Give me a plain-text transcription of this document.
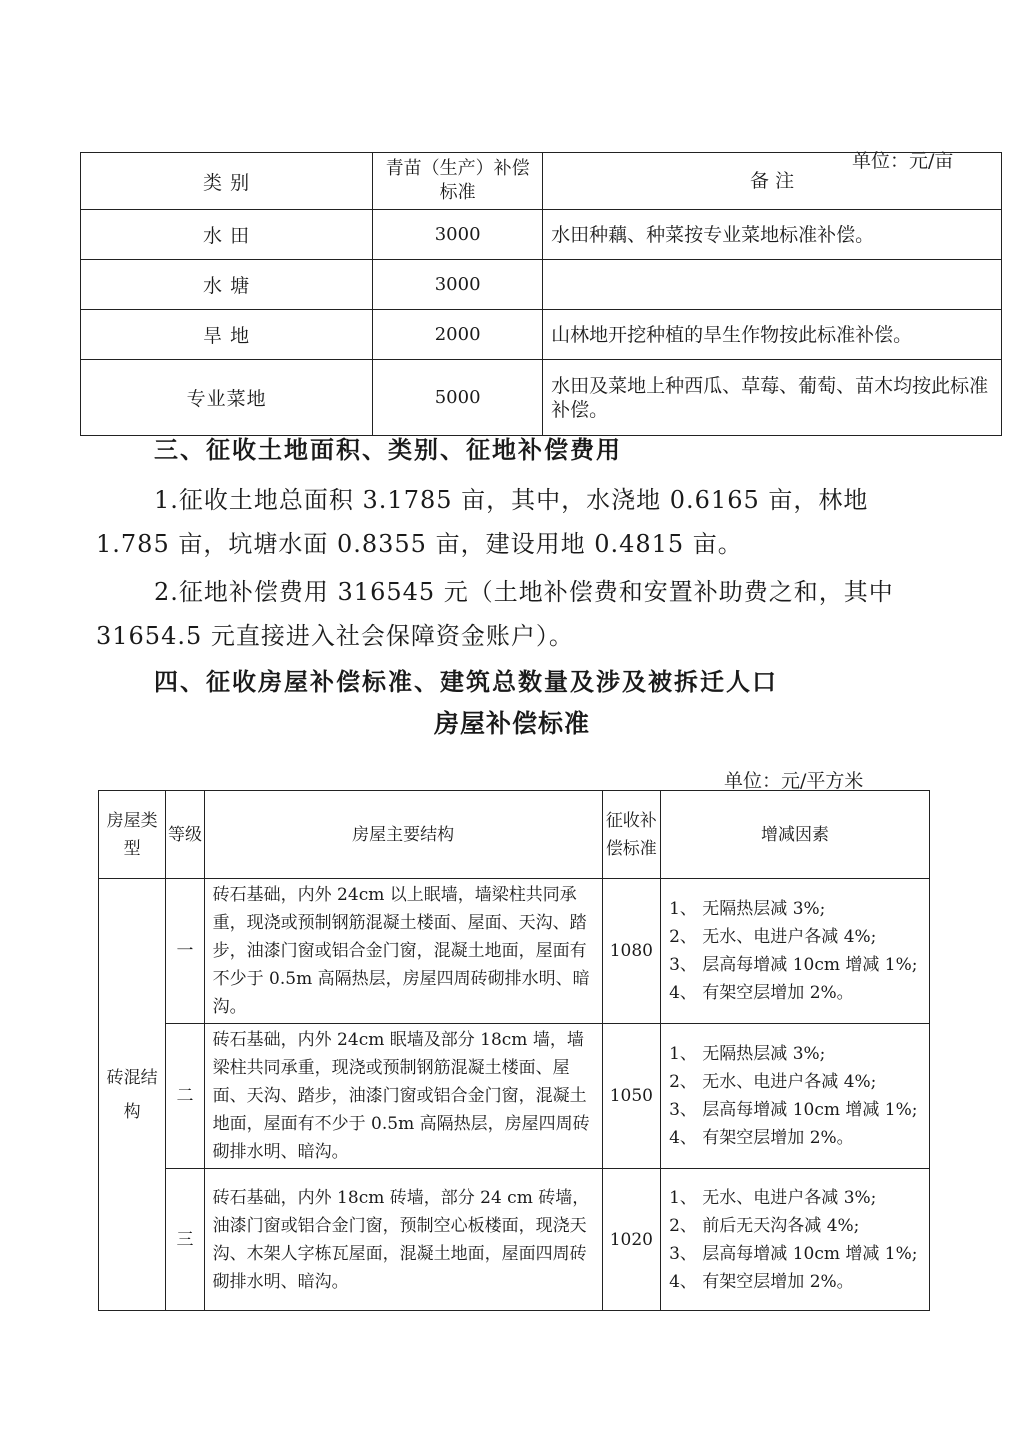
单位：元/亩
类 别	青苗（生产）补偿标准	备 注
水 田	3000	水田种藕、种菜按专业菜地标准补偿。
水 塘	3000	
旱 地	2000	山林地开挖种植的旱生作物按此标准补偿。
专业菜地	5000	水田及菜地上种西瓜、草莓、葡萄、苗木均按此标准补偿。
三、征收土地面积、类别、征地补偿费用
1.征收土地总面积 3.1785 亩，其中，水浇地 0.6165 亩，林地 1.785 亩，坑塘水面 0.8355 亩，建设用地 0.4815 亩。
2.征地补偿费用 316545 元（土地补偿费和安置补助费之和，其中 31654.5 元直接进入社会保障资金账户）。
四、征收房屋补偿标准、建筑总数量及涉及被拆迁人口
房屋补偿标准
单位：元/平方米
房屋类型	等级	房屋主要结构	征收补偿标准	增减因素
砖混结构	一	砖石基础，内外 24cm 以上眠墙，墙梁柱共同承重，现浇或预制钢筋混凝土楼面、屋面、天沟、踏步，油漆门窗或铝合金门窗，混凝土地面，屋面有不少于 0.5m 高隔热层，房屋四周砖砌排水明、暗沟。	1080	1、 无隔热层减 3%;
2、 无水、电进户各减 4%;
3、 层高每增减 10cm 增减 1%;
4、 有架空层增加 2%。

	二	砖石基础，内外 24cm 眠墙及部分 18cm 墙，墙梁柱共同承重，现浇或预制钢筋混凝土楼面、屋面、天沟、踏步，油漆门窗或铝合金门窗，混凝土地面，屋面有不少于 0.5m 高隔热层，房屋四周砖砌排水明、暗沟。	1050	1、 无隔热层减 3%;
2、 无水、电进户各减 4%;
3、 层高每增减 10cm 增减 1%;
4、 有架空层增加 2%。

	三	砖石基础，内外 18cm 砖墙，部分 24 cm 砖墙，油漆门窗或铝合金门窗，预制空心板楼面，现浇天沟、木架人字栋瓦屋面，混凝土地面，屋面四周砖砌排水明、暗沟。	1020	1、 无水、电进户各减 3%;
2、 前后无天沟各减 4%;
3、 层高每增减 10cm 增减 1%;
4、 有架空层增加 2%。
